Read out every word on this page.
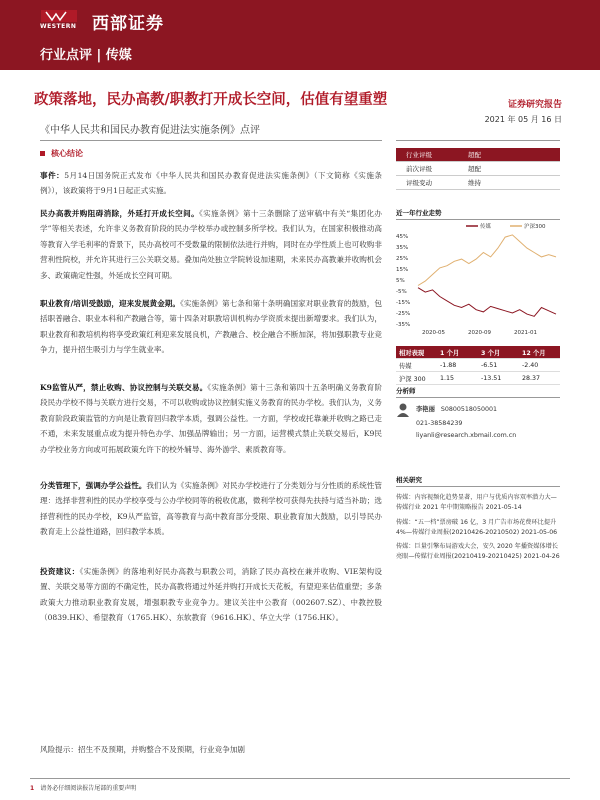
WESTERN 西部证券
行业点评 | 传媒
政策落地，民办高教/职教打开成长空间，估值有望重塑	证券研究报告
2021 年 05 月 16 日
《中华人民共和国民办教育促进法实施条例》点评
核心结论
事件：5月14日国务院正式发布《中华人民共和国民办教育促进法实施条例》（下文简称《实施条例》），该政策将于9月1日起正式实施。
民办高教并购阻碍消除，外延打开成长空间。《实施条例》第十三条删除了送审稿中有关“集团化办学”等相关表述，允许非义务教育阶段的民办学校举办或控制多所学校。我们认为，在国家积极推动高等教育入学毛利率的背景下，民办高校可不受数量的限制依法进行并购，同时在办学性质上也可收购非营利性院校，并允许其进行三公关联交易。叠加尚处独立学院转设加速期，未来民办高教兼并收购机会多、政策确定性强，外延成长空间可期。
职业教育/培训受鼓励，迎来发展黄金期。《实施条例》第七条和第十条明确国家对职业教育的鼓励，包括职普融合、职业本科和产教融合等，第十四条对职教培训机构办学资质未提出新增要求。我们认为，职业教育和教培机构将享受政策红利迎来发展良机，产教融合、校企融合不断加深，将加强职教专业竞争力，提升招生吸引力与学生就业率。
K9监管从严，禁止收购、协议控制与关联交易。《实施条例》第十三条和第四十五条明确义务教育阶段民办学校不得与关联方进行交易，不可以收购或协议控制实施义务教育的民办学校。我们认为，义务教育阶段政策监管的方向是让教育回归教学本质，强调公益性。一方面，学校或托靠兼并收购之路已走不通，未来发展重点或为提升特色办学、加强品牌输出；另一方面，运营模式禁止关联交易后，K9民办学校业务方向或可拓展政策允许下的校外辅导、海外游学、素质教育等。
分类管理下，强调办学公益性。我们认为《实施条例》对民办学校进行了分类划分与分性质的系统性管理：选择非营利性的民办学校享受与公办学校同等的税收优惠，微利学校可获得先扶持与适当补助；选择营利性的民办学校，K9从严监管，高等教育与高中教育部分受限、职业教育加大鼓励，以引导民办教育走上公益性道路，回归教学本质。
投资建议：《实施条例》的落地利好民办高教与职教公司，消除了民办高校在兼并收购、VIE架构设置、关联交易等方面的不确定性，民办高教将通过外延并购打开成长天花板，有望迎来估值重塑；多条政策大力推动职业教育发展，增强职教专业竞争力。建议关注中公教育（002607.SZ）、中教控股（0839.HK）、希望教育（1765.HK）、东软教育（9616.HK）、华立大学（1756.HK）。
风险提示：招生不及预期，并购整合不及预期，行业竞争加剧
行业评级	超配
前次评级	超配
评级变动	维持
近一年行业走势
45%
35%
25%
15%
5%
-5%
-15%
-25%
-35%
2020-05	2020-09	2021-01
传媒	沪深300
相对表现	1 个月	3 个月	12 个月
传媒	-1.88	-6.51	-2.40
沪深 300	1.15	-13.51	28.37
分析师
李艳丽 S0800518050001
021-38584239
liyanli@research.xbmail.com.cn
相关研究
传媒：内容视频化趋势显著，用户与优质内容双率潜力大—传媒行业 2021 年中期策略报告 2021-05-14
传媒：“五一档”票房破 16 亿，3 月广告市场花费环比提升 4%—传媒行业周报(20210426-20210502) 2021-05-06
传媒：巨量引擎布局游戏大会，安久 2020 年播资媒体增长亮眼—传媒行业周报(20210419-20210425) 2021-04-26
1 请务必仔细阅读报告尾部的重要声明
